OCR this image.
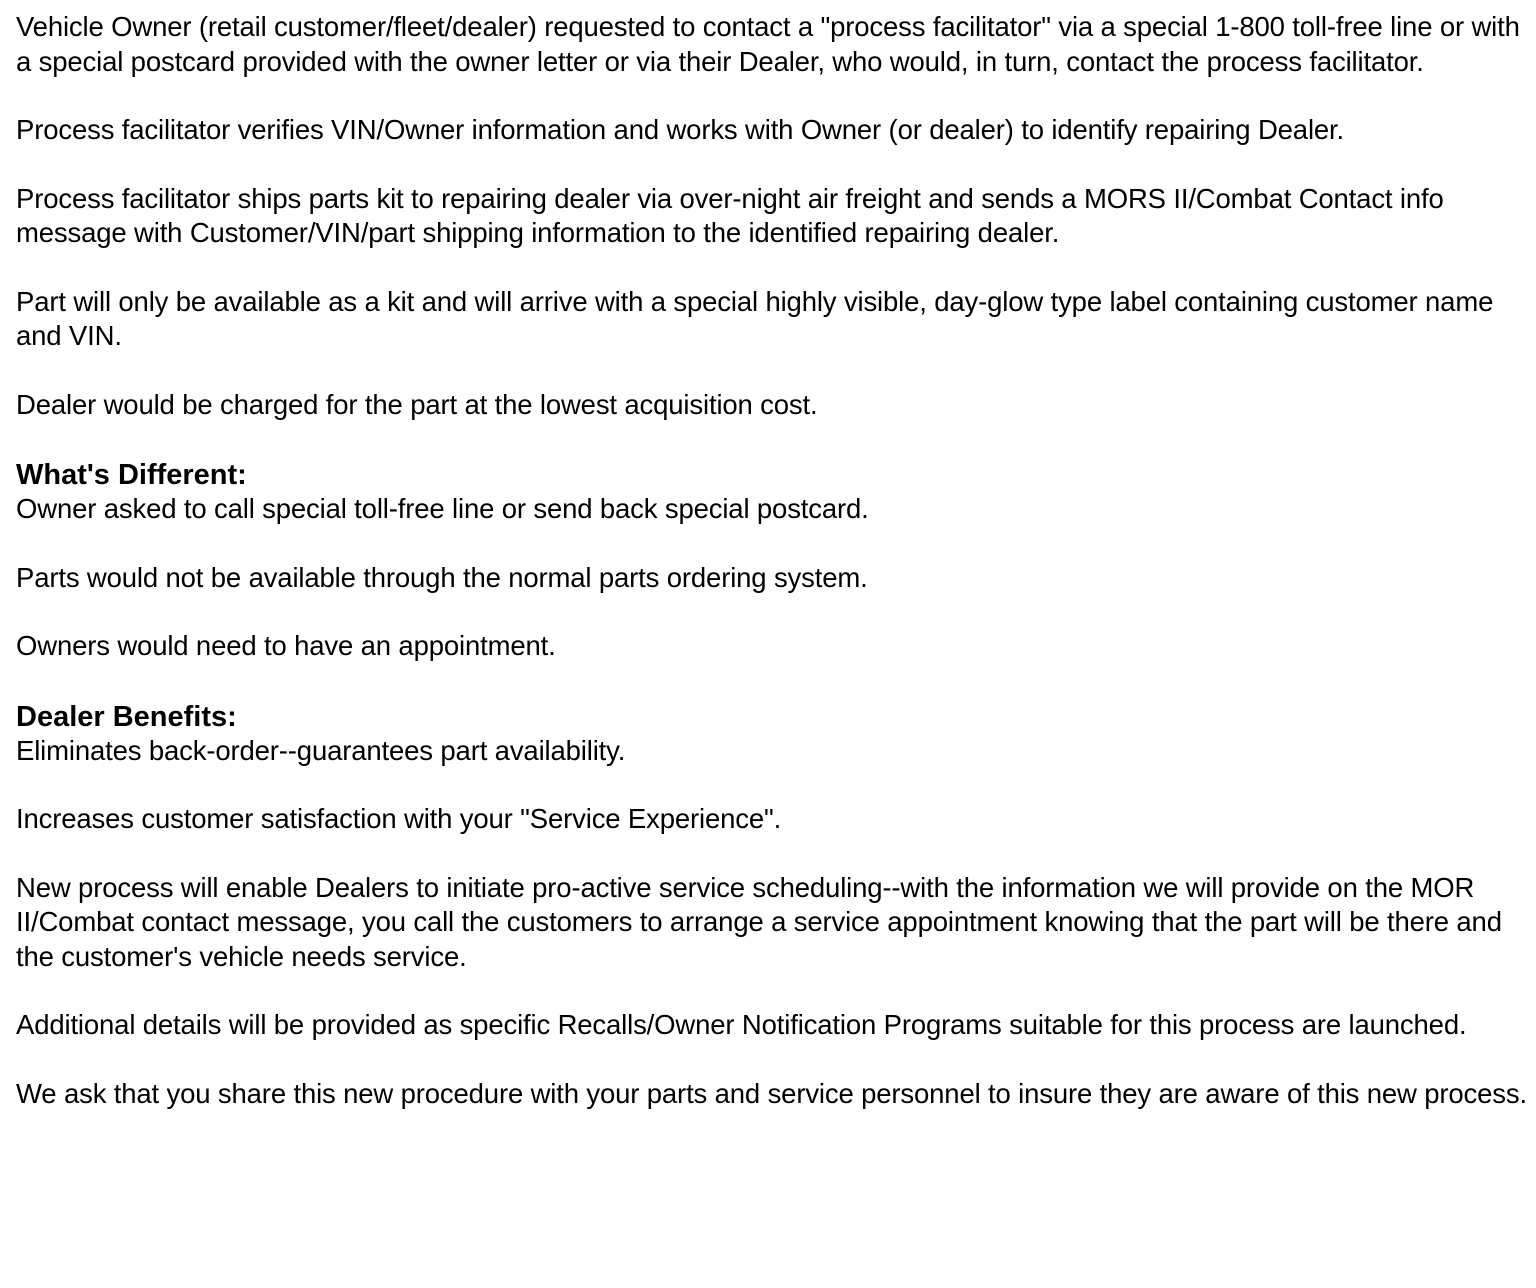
Vehicle Owner (retail customer/fleet/dealer) requested to contact a "process facilitator" via a special 1-800 toll-free line or with a special postcard provided with the owner letter or via their Dealer, who would, in turn, contact the process facilitator.

Process facilitator verifies VIN/Owner information and works with Owner (or dealer) to identify repairing Dealer.

Process facilitator ships parts kit to repairing dealer via over-night air freight and sends a MORS II/Combat Contact info message with Customer/VIN/part shipping information to the identified repairing dealer.

Part will only be available as a kit and will arrive with a special highly visible, day-glow type label containing customer name and VIN.

Dealer would be charged for the part at the lowest acquisition cost.

What's Different:

Owner asked to call special toll-free line or send back special postcard.

Parts would not be available through the normal parts ordering system.

Owners would need to have an appointment.

Dealer Benefits:

Eliminates back-order--guarantees part availability.

Increases customer satisfaction with your "Service Experience".

New process will enable Dealers to initiate pro-active service scheduling--with the information we will provide on the MOR II/Combat contact message, you call the customers to arrange a service appointment knowing that the part will be there and the customer's vehicle needs service.

Additional details will be provided as specific Recalls/Owner Notification Programs suitable for this process are launched.

We ask that you share this new procedure with your parts and service personnel to insure they are aware of this new process.
